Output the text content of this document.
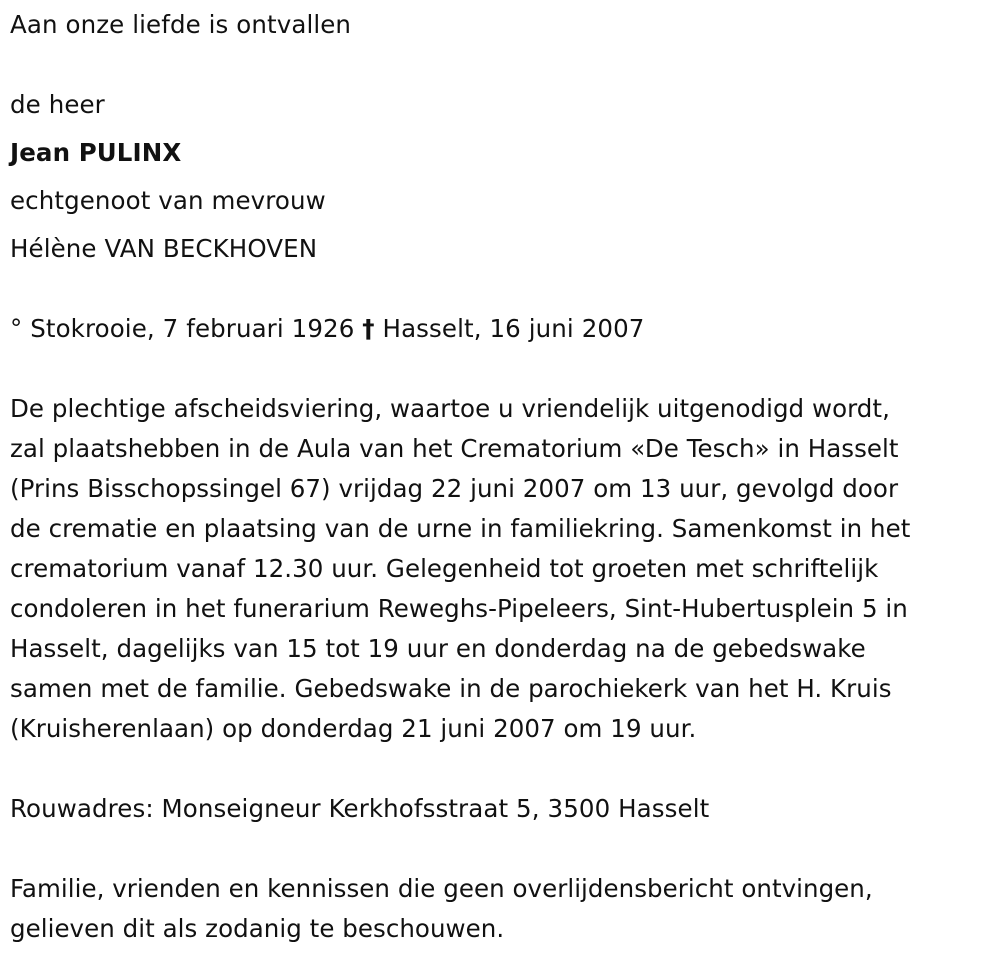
Aan onze liefde is ontvallen
de heer
Jean PULINX
echtgenoot van mevrouw
Hélène VAN BECKHOVEN
° Stokrooie, 7 februari 1926 † Hasselt, 16 juni 2007
De plechtige afscheidsviering, waartoe u vriendelijk uitgenodigd wordt,
zal plaatshebben in de Aula van het Crematorium «De Tesch» in Hasselt
(Prins Bisschopssingel 67) vrijdag 22 juni 2007 om 13 uur, gevolgd door
de crematie en plaatsing van de urne in familiekring. Samenkomst in het
crematorium vanaf 12.30 uur. Gelegenheid tot groeten met schriftelijk
condoleren in het funerarium Reweghs-Pipeleers, Sint-Hubertusplein 5 in
Hasselt, dagelijks van 15 tot 19 uur en donderdag na de gebedswake
samen met de familie. Gebedswake in de parochiekerk van het H. Kruis
(Kruisherenlaan) op donderdag 21 juni 2007 om 19 uur.
Rouwadres: Monseigneur Kerkhofsstraat 5, 3500 Hasselt
Familie, vrienden en kennissen die geen overlijdensbericht ontvingen,
gelieven dit als zodanig te beschouwen.
